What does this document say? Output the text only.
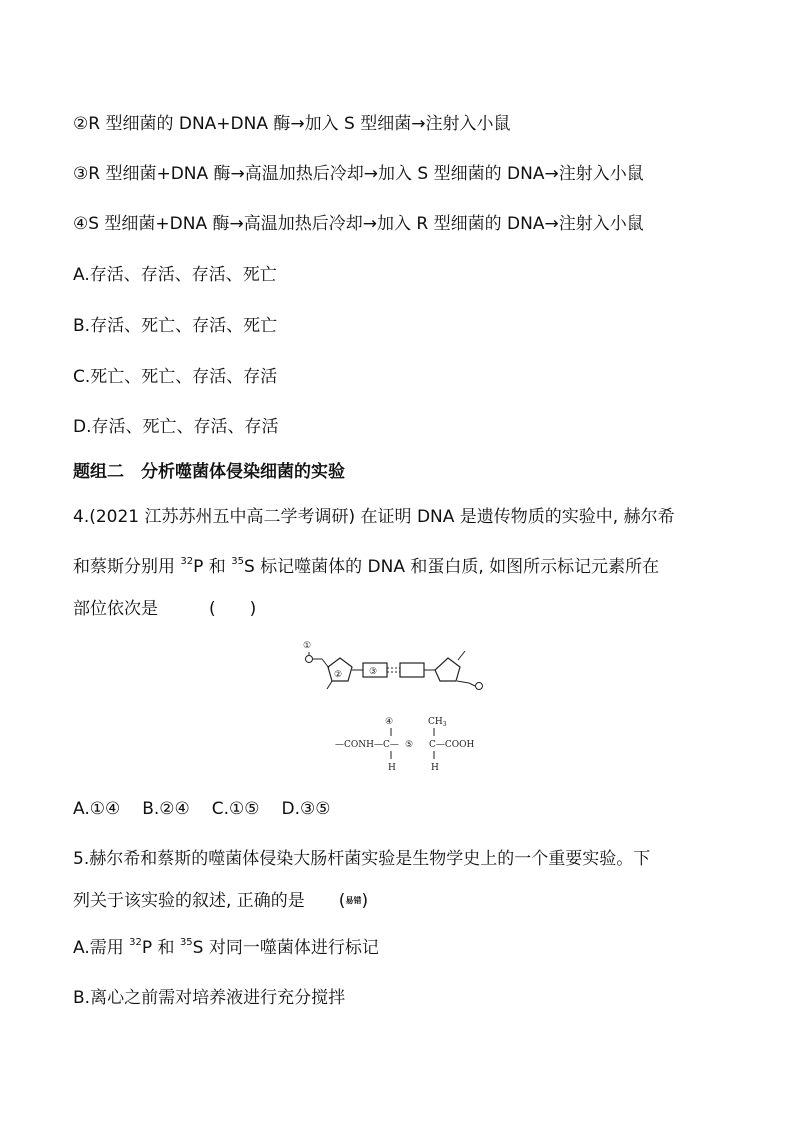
②R 型细菌的 DNA+DNA 酶→加入 S 型细菌→注射入小鼠
③R 型细菌+DNA 酶→高温加热后冷却→加入 S 型细菌的 DNA→注射入小鼠
④S 型细菌+DNA 酶→高温加热后冷却→加入 R 型细菌的 DNA→注射入小鼠
A.存活、存活、存活、死亡
B.存活、死亡、存活、死亡
C.死亡、死亡、存活、存活
D.存活、死亡、存活、存活
题组二　分析噬菌体侵染细菌的实验
4.(2021 江苏苏州五中高二学考调研) 在证明 DNA 是遗传物质的实验中, 赫尔希
和蔡斯分别用 $^{32}$P 和 $^{35}$S 标记噬菌体的 DNA 和蛋白质, 如图所示标记元素所在
部位依次是　　　(　　)
①
②	③
④	$CH_3$
—CONH—C— ⑤ C—COOH
H	H
A.①④ B.②④ C.①⑤ D.③⑤
5.赫尔希和蔡斯的噬菌体侵染大肠杆菌实验是生物学史上的一个重要实验。下
列关于该实验的叙述, 正确的是　　(易错)
A.需用 $^{32}$P 和 $^{35}$S 对同一噬菌体进行标记
B.离心之前需对培养液进行充分搅拌
